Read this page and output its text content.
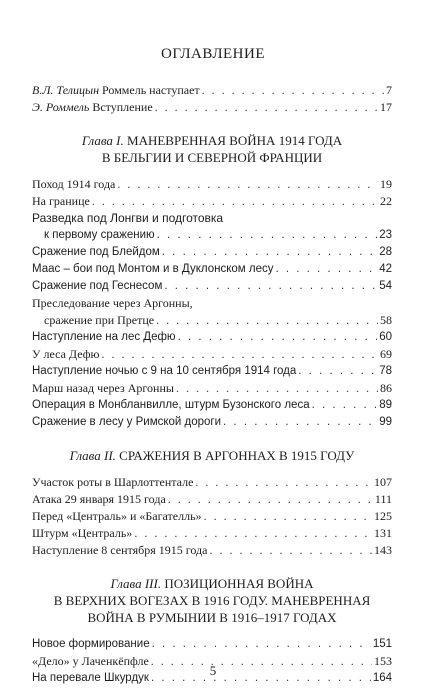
ОГЛАВЛЕНИЕ
В.Л. Телицын Роммель наступает . . .	7
Э. Роммель Вступление . . .	17
Глава I. МАНЕВРЕННАЯ ВОЙНА 1914 ГОДА
В БЕЛЬГИИ И СЕВЕРНОЙ ФРАНЦИИ
Поход 1914 года . . .	19
На границе . . .	22
Разведка под Лонгви и подготовка
к первому сражению . . .	23
Сражение под Блейдом . . .	28
Маас – бои под Монтом и в Дуклонском лесу . . .	42
Сражение под Геснесом . . .	54
Преследование через Аргонны,
сражение при Претце . . .	58
Наступление на лес Дефю . . .	60
У леса Дефю . . .	69
Наступление ночью с 9 на 10 сентября 1914 года . . .	78
Марш назад через Аргонны . . .	86
Операция в Монбланвилле, штурм Бузонского леса . . .	89
Сражение в лесу у Римской дороги . . .	99
Глава II. СРАЖЕНИЯ В АРГОННАХ В 1915 ГОДУ
Участок роты в Шарлоттентале . . .	107
Атака 29 января 1915 года . . .	111
Перед «Централь» и «Багателль» . . .	125
Штурм «Централь» . . .	131
Наступление 8 сентября 1915 года . . .	143
Глава III. ПОЗИЦИОННАЯ ВОЙНА
В ВЕРХНИХ ВОГЕЗАХ В 1916 ГОДУ. МАНЕВРЕННАЯ
ВОЙНА В РУМЫНИИ В 1916–1917 ГОДАХ
Новое формирование . . .	151
«Дело» у Лаченкёпфле . . .	153
На перевале Шкурдук . . .	164
5
